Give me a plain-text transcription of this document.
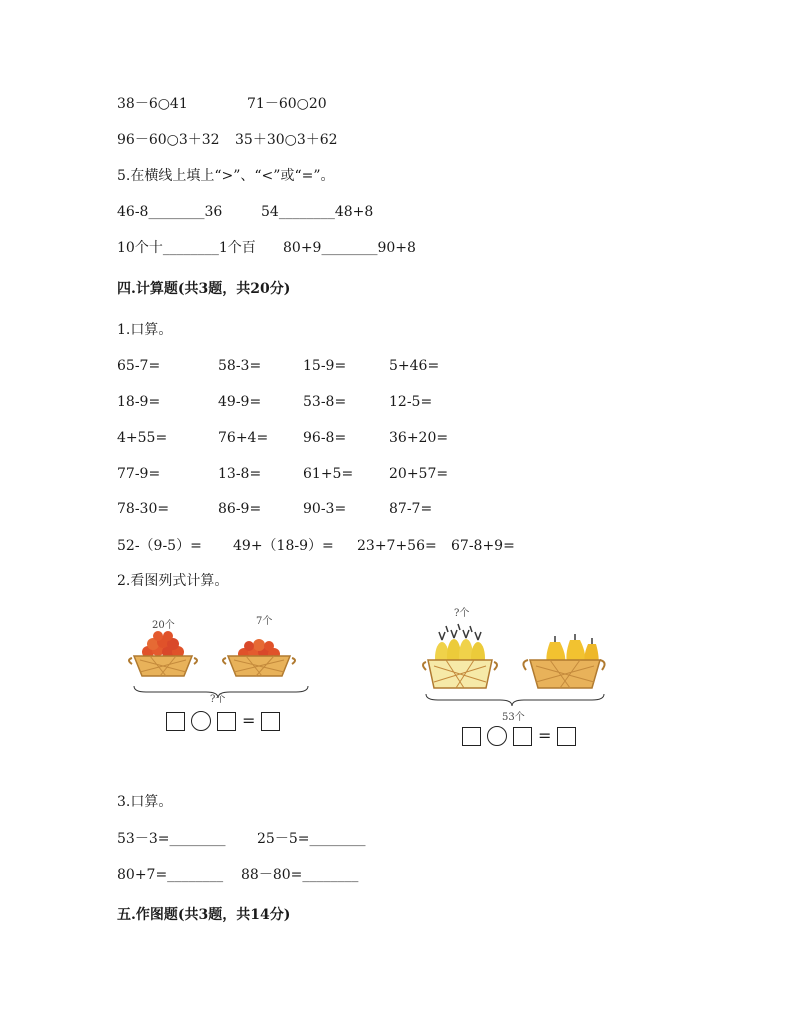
38－6○41	71－60○20
96－60○3＋32 35＋30○3＋62
5.在横线上填上“>”、“<”或“=”。
46-8________36	54________48+8
10个十________1个百 80+9________90+8
四.计算题(共3题，共20分)
1.口算。
65-7=	58-3=	15-9=	5+46=
18-9=	49-9=	53-8=	12-5=
4+55=	76+4= 96-8=	36+20=
77-9=	13-8=	61+5=	20+57=
78-30=	86-9=	90-3=	87-7=
52-（9-5）= 49+（18-9）= 23+7+56= 67-8+9=
2.看图列式计算。
20个	7个
?个
=
?个
53个
=
3.口算。
53－3=________ 25－5=________
80+7=________ 88－80=________
五.作图题(共3题，共14分)
